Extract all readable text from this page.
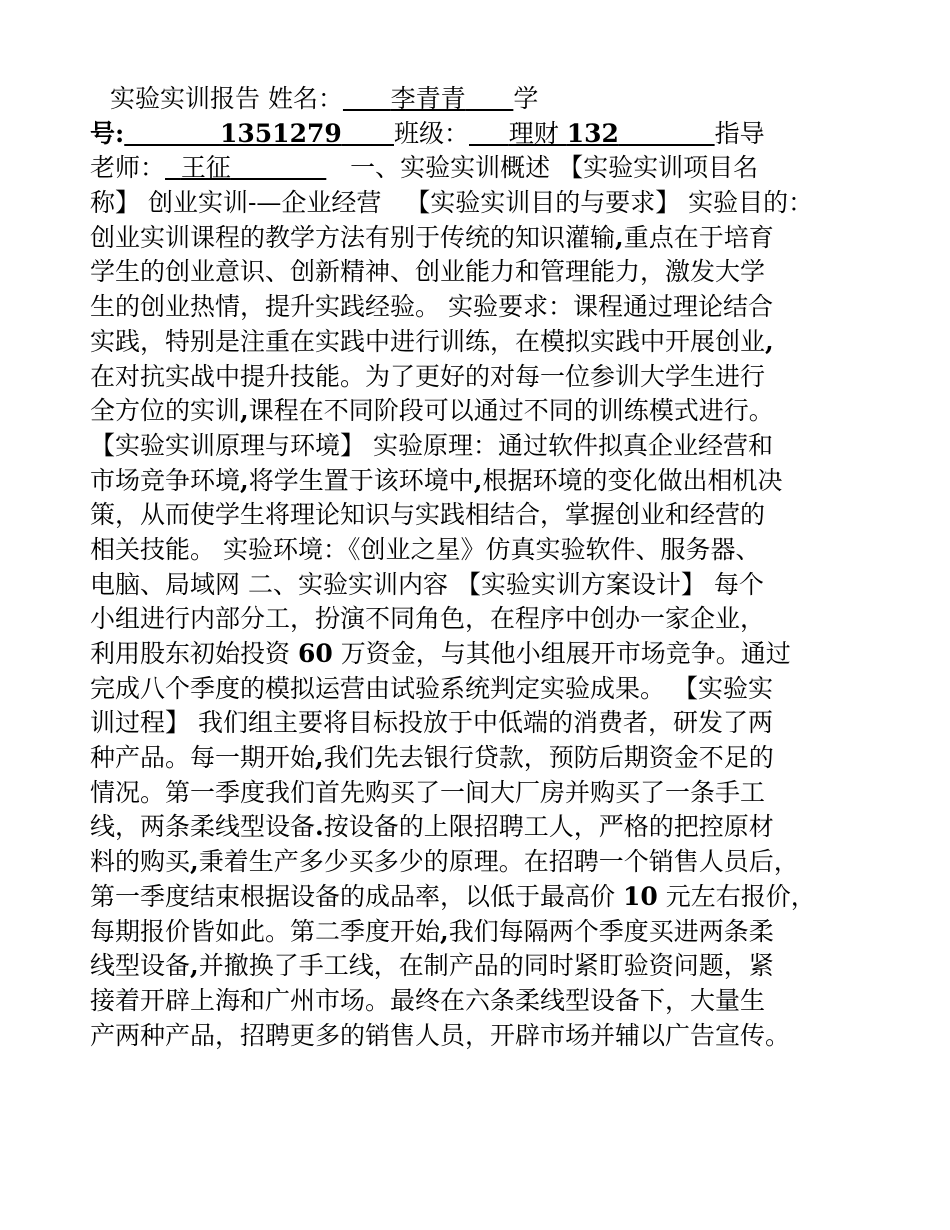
实验实训报告 姓名： 李青青 学
号:	1351279 班级： 理财 132	指导
老师： 王征	一、实验实训概述 【实验实训项目名
称】 创业实训-—企业经营   【实验实训目的与要求】 实验目的：
创业实训课程的教学方法有别于传统的知识灌输,重点在于培育
学生的创业意识、创新精神、创业能力和管理能力，激发大学
生的创业热情，提升实践经验。 实验要求：课程通过理论结合
实践，特别是注重在实践中进行训练，在模拟实践中开展创业,
在对抗实战中提升技能。为了更好的对每一位参训大学生进行
全方位的实训,课程在不同阶段可以通过不同的训练模式进行。
【实验实训原理与环境】 实验原理：通过软件拟真企业经营和
市场竞争环境,将学生置于该环境中,根据环境的变化做出相机决
策，从而使学生将理论知识与实践相结合，掌握创业和经营的
相关技能。 实验环境：《创业之星》仿真实验软件、服务器、
电脑、局域网 二、实验实训内容 【实验实训方案设计】 每个
小组进行内部分工，扮演不同角色，在程序中创办一家企业，
利用股东初始投资 60 万资金，与其他小组展开市场竞争。通过
完成八个季度的模拟运营由试验系统判定实验成果。 【实验实
训过程】 我们组主要将目标投放于中低端的消费者，研发了两
种产品。每一期开始,我们先去银行贷款，预防后期资金不足的
情况。第一季度我们首先购买了一间大厂房并购买了一条手工
线，两条柔线型设备.按设备的上限招聘工人，严格的把控原材
料的购买,秉着生产多少买多少的原理。在招聘一个销售人员后，
第一季度结束根据设备的成品率，以低于最高价 10 元左右报价，
每期报价皆如此。第二季度开始,我们每隔两个季度买进两条柔
线型设备,并撤换了手工线，在制产品的同时紧盯验资问题，紧
接着开辟上海和广州市场。最终在六条柔线型设备下，大量生
产两种产品，招聘更多的销售人员，开辟市场并辅以广告宣传。
